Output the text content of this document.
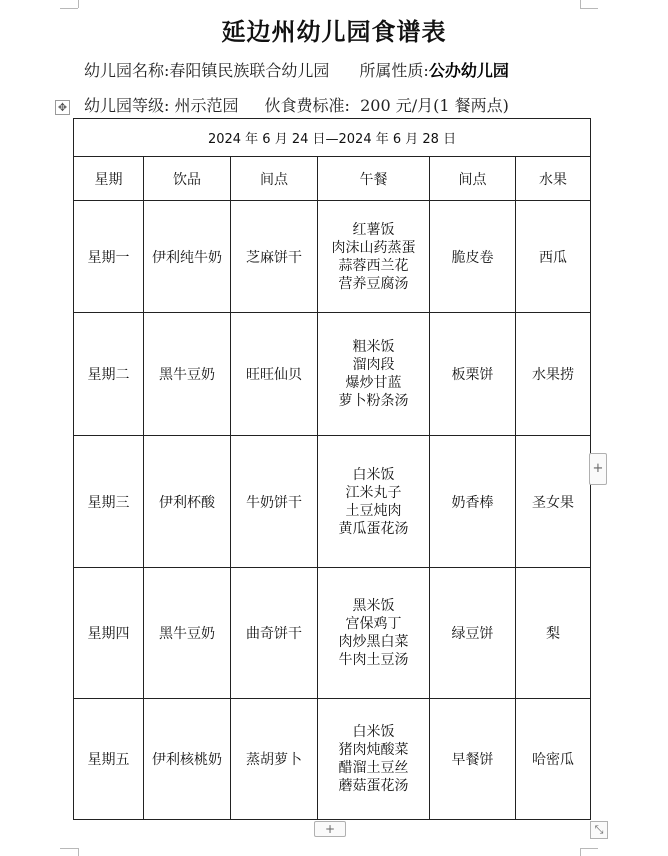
延边州幼儿园食谱表
幼儿园名称:春阳镇民族联合幼儿园 所属性质:公办幼儿园
幼儿园等级: 州示范园 伙食费标准: 200 元/月(1 餐两点)
✥
2024 年 6 月 24 日—2024 年 6 月 28 日					
星期	饮品	间点	午餐	间点	水果
星期一	伊利纯牛奶	芝麻饼干	红薯饭
肉沫山药蒸蛋
蒜蓉西兰花
营养豆腐汤	脆皮卷	西瓜
星期二	黑牛豆奶	旺旺仙贝	粗米饭
溜肉段
爆炒甘蓝
萝卜粉条汤	板栗饼	水果捞
星期三	伊利杯酸	牛奶饼干	白米饭
江米丸子
土豆炖肉
黄瓜蛋花汤	奶香棒	圣女果
星期四	黑牛豆奶	曲奇饼干	黑米饭
宫保鸡丁
肉炒黑白菜
牛肉土豆汤	绿豆饼	梨
星期五	伊利核桃奶	蒸胡萝卜	白米饭
猪肉炖酸菜
醋溜土豆丝
蘑菇蛋花汤	早餐饼	哈密瓜
+
+	⤡
